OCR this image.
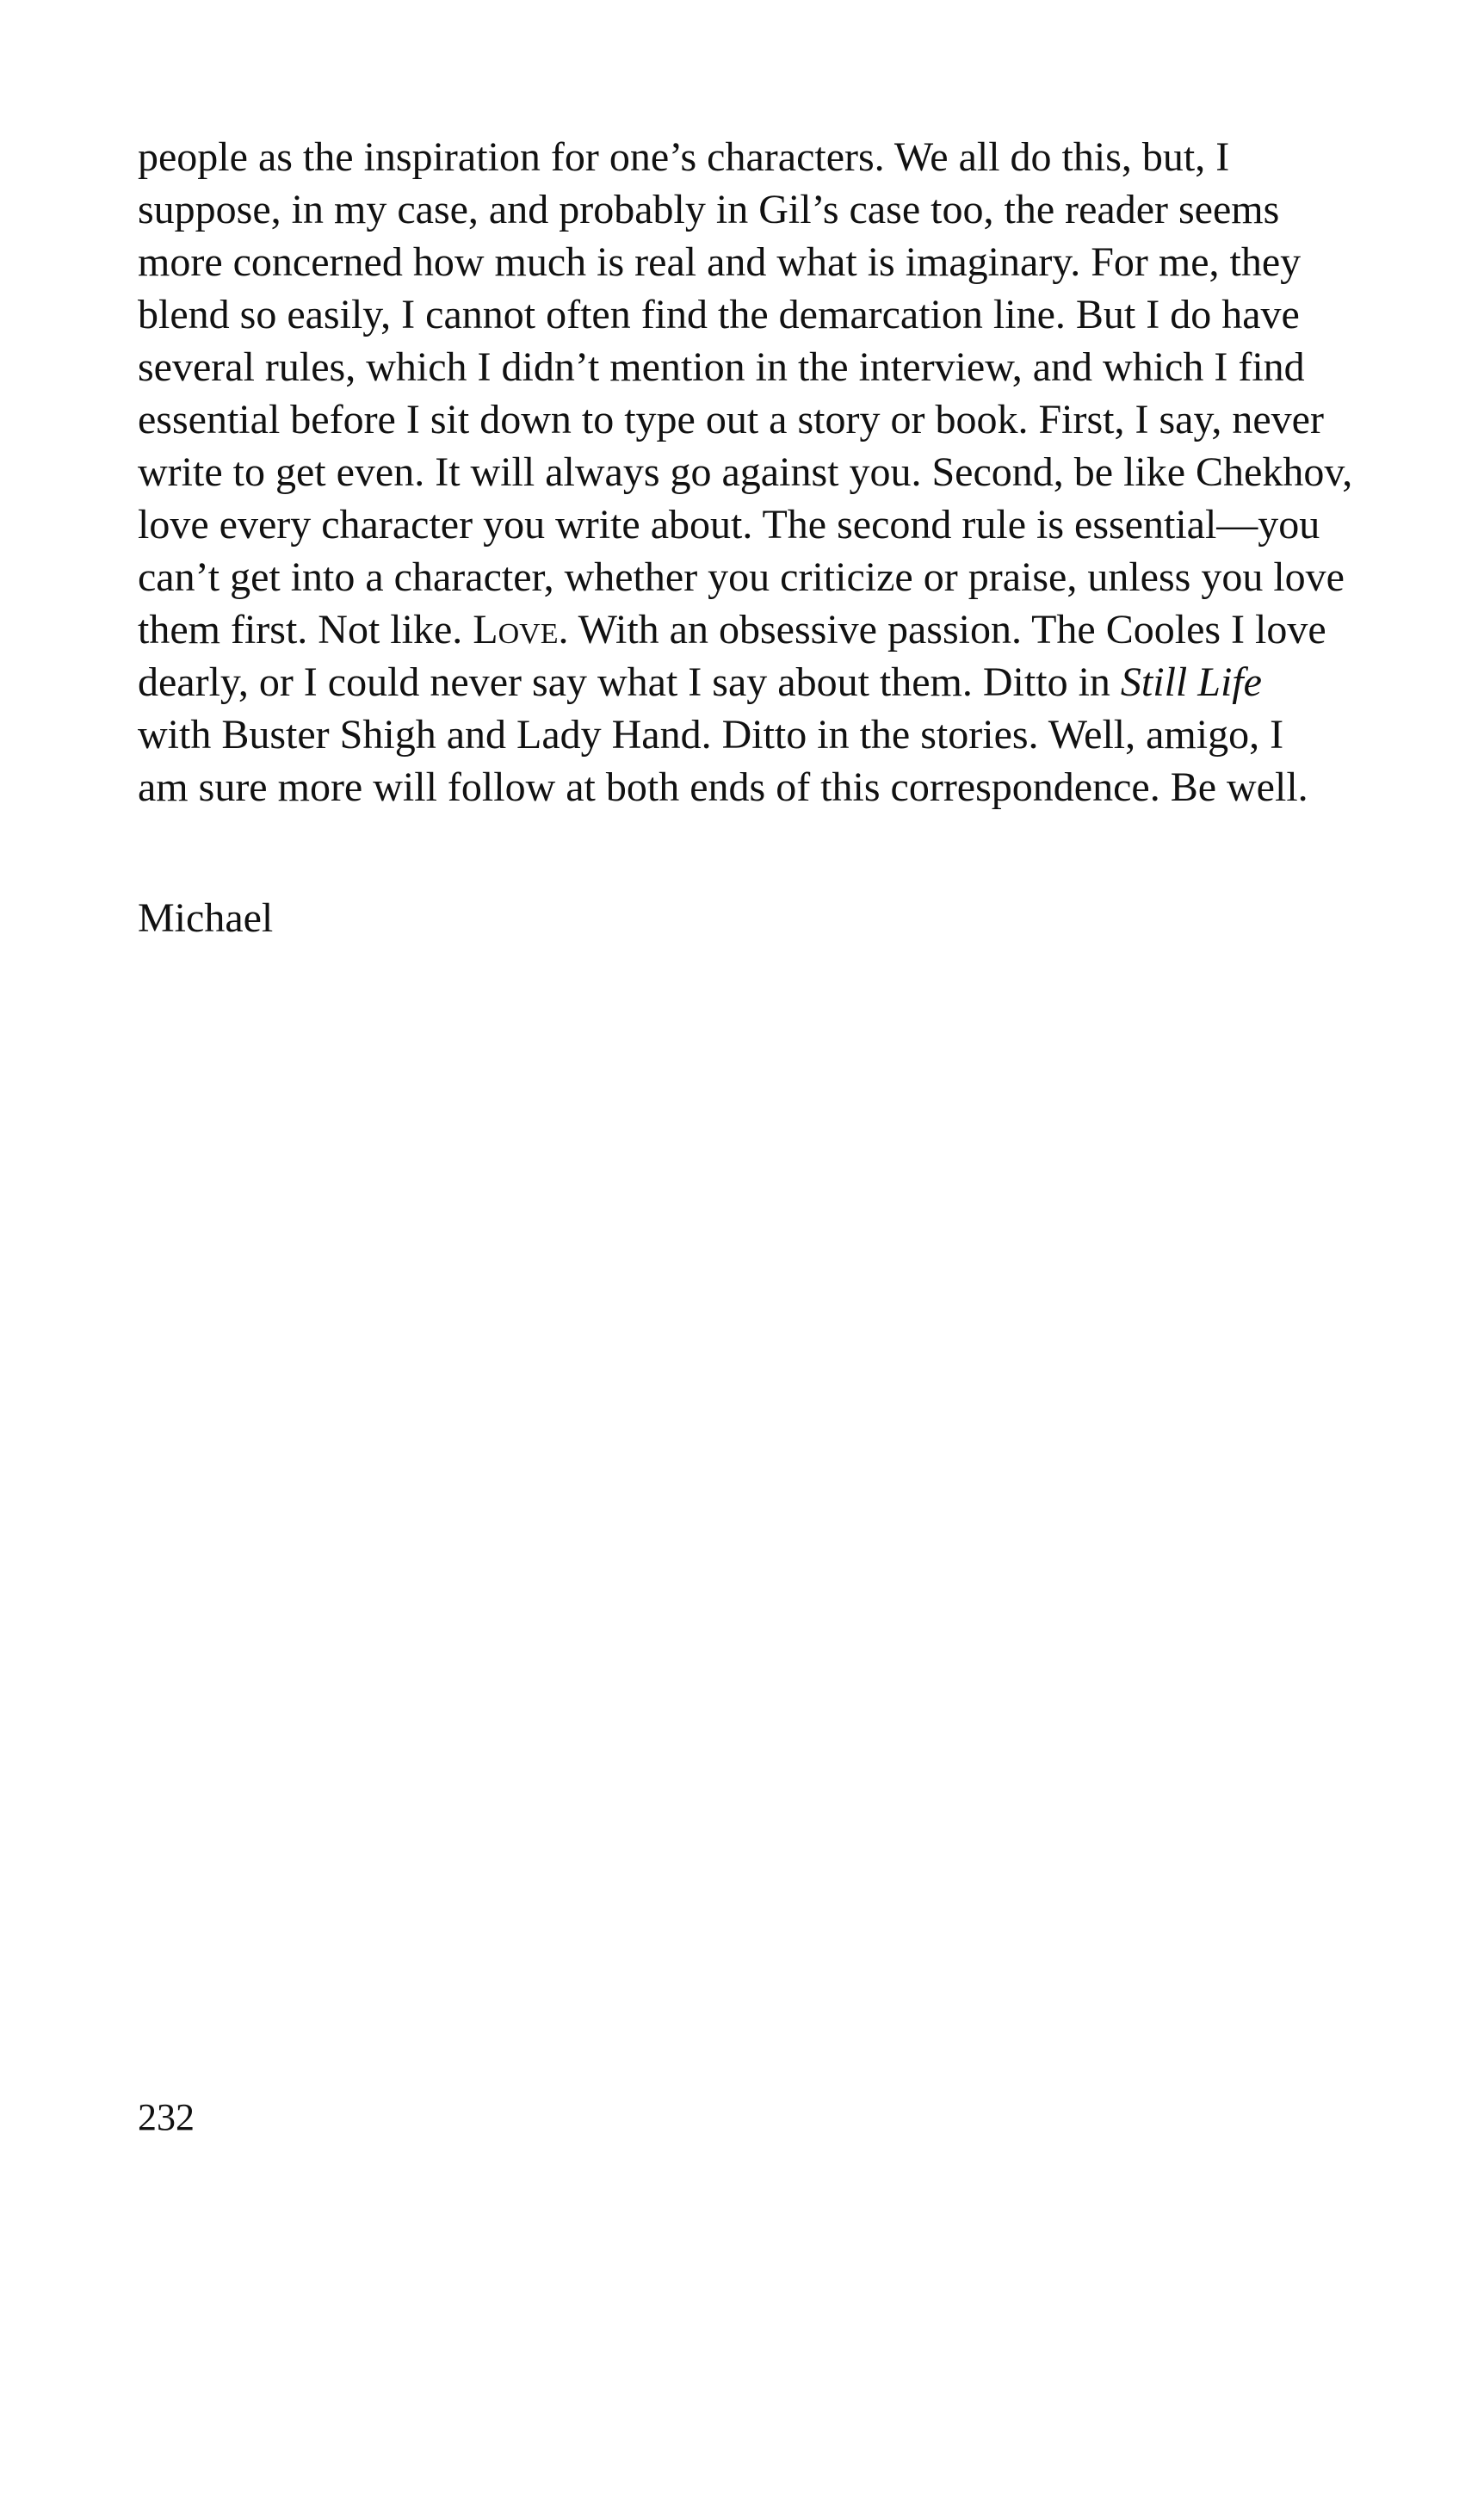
people as the inspiration for one’s characters. We all do this, but, I
suppose, in my case, and probably in Gil’s case too, the reader seems
more concerned how much is real and what is imaginary. For me, they
blend so easily, I cannot often find the demarcation line. But I do have
several rules, which I didn’t mention in the interview, and which I find
essential before I sit down to type out a story or book. First, I say, never
write to get even. It will always go against you. Second, be like Chekhov,
love every character you write about. The second rule is essential—you
can’t get into a character, whether you criticize or praise, unless you love
them first. Not like. Love. With an obsessive passion. The Cooles I love
dearly, or I could never say what I say about them. Ditto in Still Life
with Buster Shigh and Lady Hand. Ditto in the stories. Well, amigo, I
am sure more will follow at both ends of this correspondence. Be well.

Michael

232
